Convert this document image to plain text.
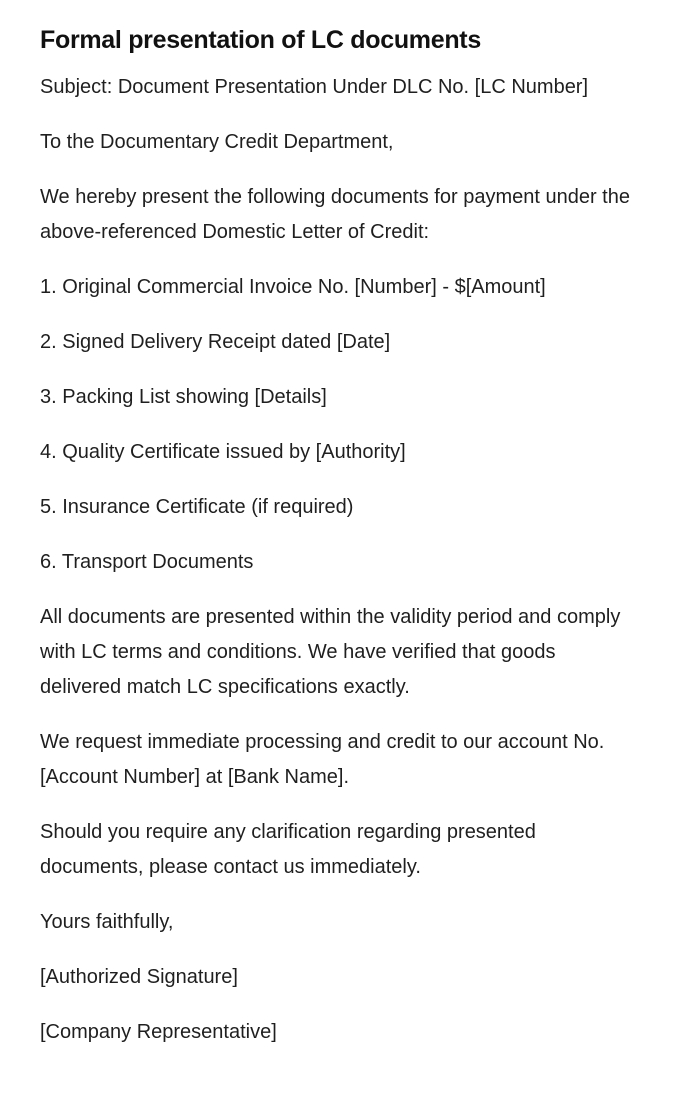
Formal presentation of LC documents

Subject: Document Presentation Under DLC No. [LC Number]

To the Documentary Credit Department,

We hereby present the following documents for payment under the above-referenced Domestic Letter of Credit:

1. Original Commercial Invoice No. [Number] - $[Amount]

2. Signed Delivery Receipt dated [Date]

3. Packing List showing [Details]

4. Quality Certificate issued by [Authority]

5. Insurance Certificate (if required)

6. Transport Documents

All documents are presented within the validity period and comply with LC terms and conditions. We have verified that goods delivered match LC specifications exactly.

We request immediate processing and credit to our account No. [Account Number] at [Bank Name].

Should you require any clarification regarding presented documents, please contact us immediately.

Yours faithfully,

[Authorized Signature]

[Company Representative]
